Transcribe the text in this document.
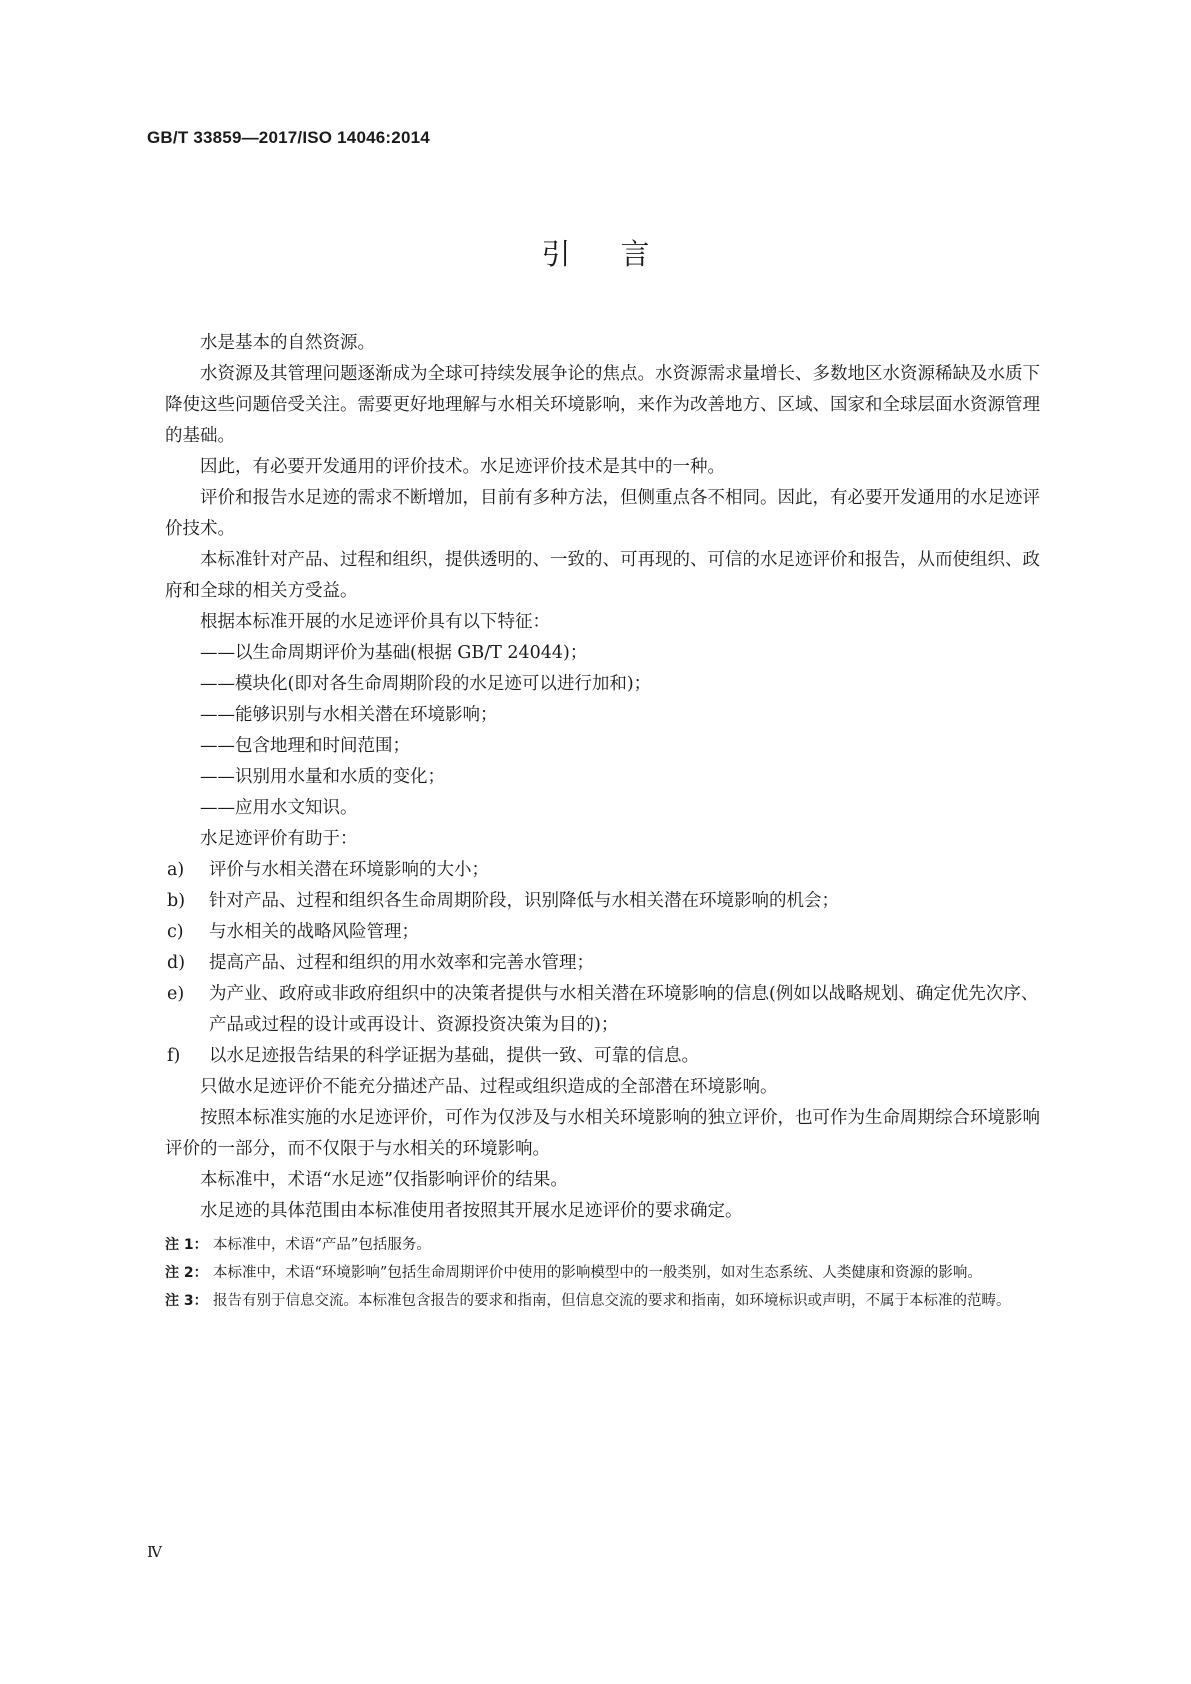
GB/T 33859—2017/ISO 14046:2014
引言

水是基本的自然资源。

水资源及其管理问题逐渐成为全球可持续发展争论的焦点。水资源需求量增长、多数地区水资源稀缺及水质下降使这些问题倍受关注。需要更好地理解与水相关环境影响，来作为改善地方、区域、国家和全球层面水资源管理的基础。

因此，有必要开发通用的评价技术。水足迹评价技术是其中的一种。

评价和报告水足迹的需求不断增加，目前有多种方法，但侧重点各不相同。因此，有必要开发通用的水足迹评价技术。

本标准针对产品、过程和组织，提供透明的、一致的、可再现的、可信的水足迹评价和报告，从而使组织、政府和全球的相关方受益。

根据本标准开展的水足迹评价具有以下特征：

——以生命周期评价为基础(根据 GB/T 24044)；

——模块化(即对各生命周期阶段的水足迹可以进行加和)；

——能够识别与水相关潜在环境影响；

——包含地理和时间范围；

——识别用水量和水质的变化；

——应用水文知识。

水足迹评价有助于：

a)	评价与水相关潜在环境影响的大小；
b)	针对产品、过程和组织各生命周期阶段，识别降低与水相关潜在环境影响的机会；
c)	与水相关的战略风险管理；
d)	提高产品、过程和组织的用水效率和完善水管理；
e)	为产业、政府或非政府组织中的决策者提供与水相关潜在环境影响的信息(例如以战略规划、确定优先次序、产品或过程的设计或再设计、资源投资决策为目的)；
f)	以水足迹报告结果的科学证据为基础，提供一致、可靠的信息。

只做水足迹评价不能充分描述产品、过程或组织造成的全部潜在环境影响。

按照本标准实施的水足迹评价，可作为仅涉及与水相关环境影响的独立评价，也可作为生命周期综合环境影响评价的一部分，而不仅限于与水相关的环境影响。

本标准中，术语“水足迹”仅指影响评价的结果。

水足迹的具体范围由本标准使用者按照其开展水足迹评价的要求确定。

注 1： 本标准中，术语“产品”包括服务。
注 2： 本标准中，术语“环境影响”包括生命周期评价中使用的影响模型中的一般类别，如对生态系统、人类健康和资源的影响。
注 3： 报告有别于信息交流。本标准包含报告的要求和指南，但信息交流的要求和指南，如环境标识或声明，不属于本标准的范畴。
Ⅳ
